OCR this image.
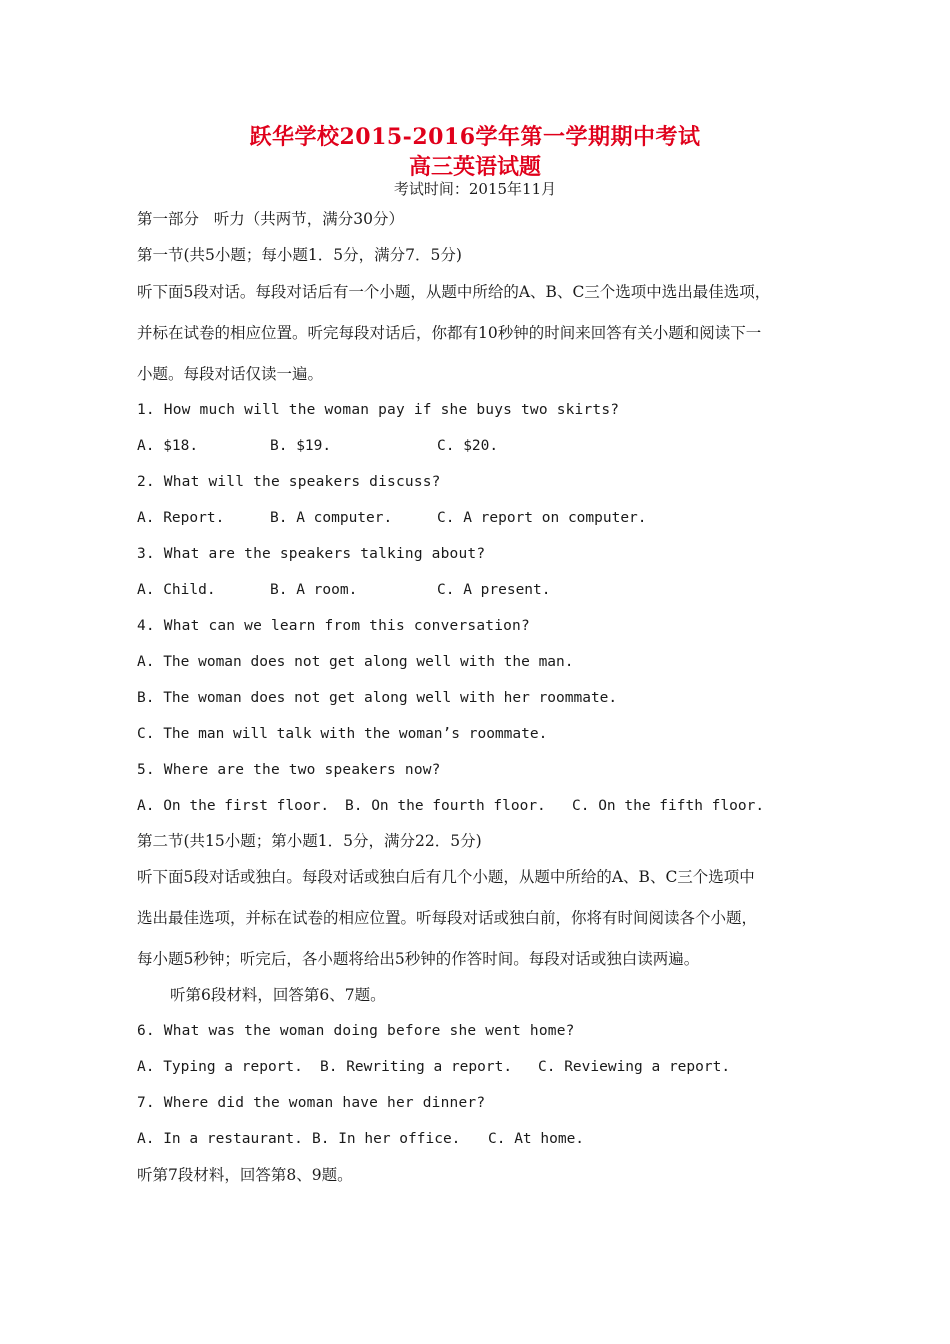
跃华学校2015-2016学年第一学期期中考试
高三英语试题
考试时间：2015年11月
第一部分   听力（共两节，满分30分）
第一节(共5小题；每小题1．5分，满分7．5分)
听下面5段对话。每段对话后有一个小题，从题中所给的A、B、C三个选项中选出最佳选项，
并标在试卷的相应位置。听完每段对话后，你都有10秒钟的时间来回答有关小题和阅读下一
小题。每段对话仅读一遍。
1. How much will the woman pay if she buys two skirts?
A. $18.	B. $19.	C. $20.
2. What will the speakers discuss?
A. Report.	B. A computer.	C. A report on computer.
3. What are the speakers talking about?
A. Child.	B. A room.	C. A present.
4. What can we learn from this conversation?
A. The woman does not get along well with the man.
B. The woman does not get along well with her roommate.
C. The man will talk with the woman’s roommate.
5. Where are the two speakers now?
A. On the first floor. B. On the fourth floor. C. On the fifth floor.
第二节(共15小题；第小题1．5分，满分22．5分)
听下面5段对话或独白。每段对话或独白后有几个小题，从题中所给的A、B、C三个选项中
选出最佳选项，并标在试卷的相应位置。听每段对话或独白前，你将有时间阅读各个小题，
每小题5秒钟；听完后，各小题将给出5秒钟的作答时间。每段对话或独白读两遍。
听第6段材料，回答第6、7题。
6. What was the woman doing before she went home?
A. Typing a report. B. Rewriting a report. C. Reviewing a report.
7. Where did the woman have her dinner?
A. In a restaurant. B. In her office. C. At home.
听第7段材料，回答第8、9题。
